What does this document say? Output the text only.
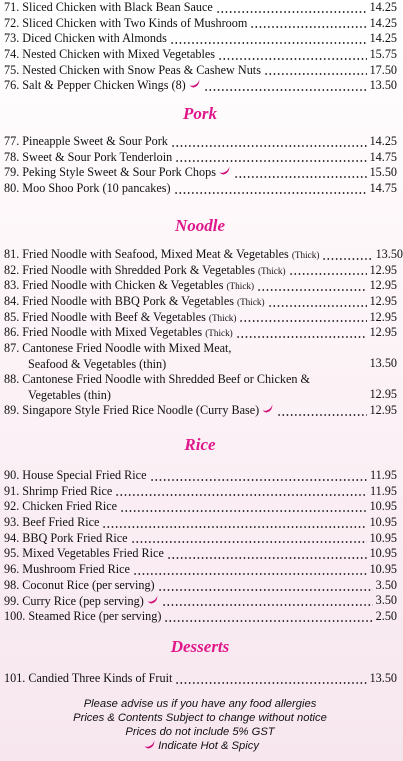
71. Sliced Chicken with Black Bean Sauce	14.25
72. Sliced Chicken with Two Kinds of Mushroom	14.25
73. Diced Chicken with Almonds	14.25
74. Nested Chicken with Mixed Vegetables	15.75
75. Nested Chicken with Snow Peas & Cashew Nuts	17.50
76. Salt & Pepper Chicken Wings (8)	13.50
Pork
77. Pineapple Sweet & Sour Pork	14.25
78. Sweet & Sour Pork Tenderloin	14.75
79. Peking Style Sweet & Sour Pork Chops	15.50
80. Moo Shoo Pork (10 pancakes)	14.75
Noodle
81. Fried Noodle with Seafood, Mixed Meat & Vegetables (Thick)	13.50
82. Fried Noodle with Shredded Pork & Vegetables (Thick)	12.95
83. Fried Noodle with Chicken & Vegetables (Thick)	12.95
84. Fried Noodle with BBQ Pork & Vegetables (Thick)	12.95
85. Fried Noodle with Beef & Vegetables (Thick)	12.95
86. Fried Noodle with Mixed Vegetables (Thick)	12.95
87. Cantonese Fried Noodle with Mixed Meat,
Seafood & Vegetables (thin)	13.50
88. Cantonese Fried Noodle with Shredded Beef or Chicken &
Vegetables (thin)	12.95
89. Singapore Style Fried Rice Noodle (Curry Base)	12.95
Rice
90. House Special Fried Rice	11.95
91. Shrimp Fried Rice	11.95
92. Chicken Fried Rice	10.95
93. Beef Fried Rice	10.95
94. BBQ Pork Fried Rice	10.95
95. Mixed Vegetables Fried Rice	10.95
96. Mushroom Fried Rice	10.95
98. Coconut Rice (per serving)	3.50
99. Curry Rice (pep serving)	3.50
100. Steamed Rice (per serving)	2.50
Desserts
101. Candied Three Kinds of Fruit	13.50
Please advise us if you have any food allergies
Prices & Contents Subject to change without notice
Prices do not include 5% GST
Indicate Hot & Spicy
